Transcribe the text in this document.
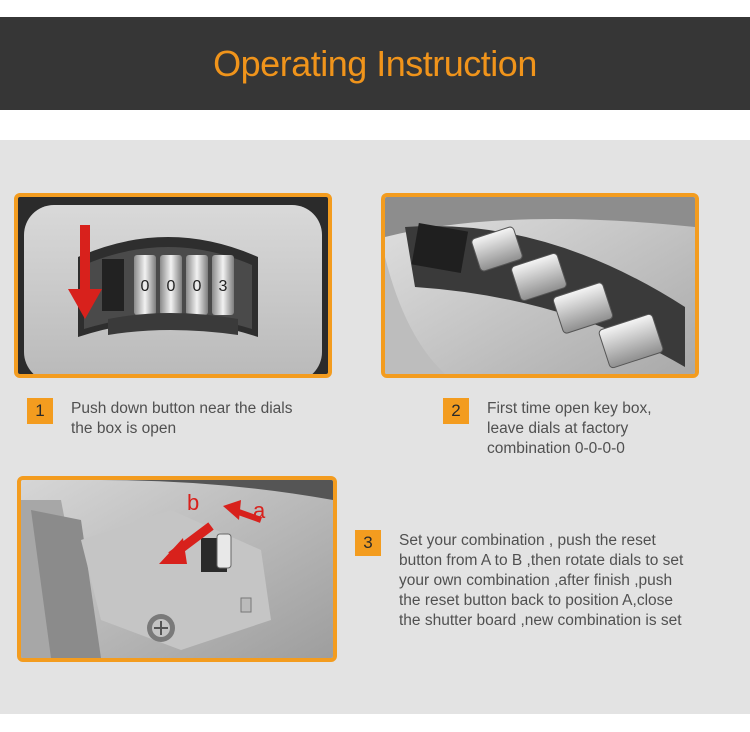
Operating Instruction
0 0 0 3
1	Push down button near the dials
the box is open
2	First time open key box,
leave dials at factory
combination 0-0-0-0
b a
3	Set your combination , push the reset
button from A to B ,then rotate dials to set
your own combination ,after finish ,push
the reset button back to position A,close
the shutter board ,new combination is set
